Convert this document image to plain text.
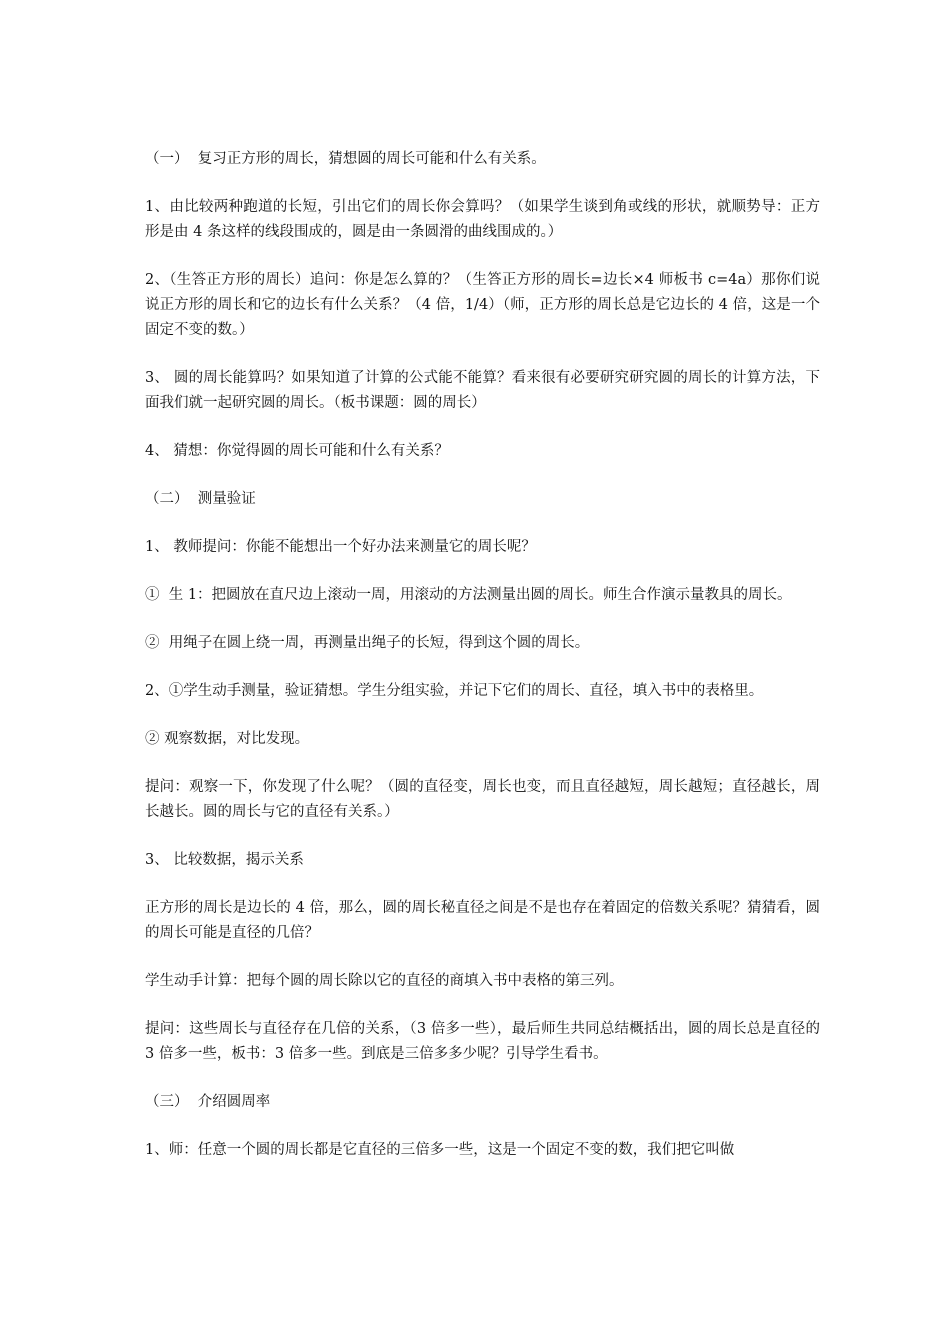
（一）  复习正方形的周长，猜想圆的周长可能和什么有关系。

1、由比较两种跑道的长短，引出它们的周长你会算吗？（如果学生谈到角或线的形状，就顺势导：正方形是由 4 条这样的线段围成的，圆是由一条圆滑的曲线围成的。）

2、（生答正方形的周长）追问：你是怎么算的？（生答正方形的周长=边长×4 师板书 c=4a）那你们说说正方形的周长和它的边长有什么关系？（4 倍，1/4）（师，正方形的周长总是它边长的 4 倍，这是一个固定不变的数。）

3、 圆的周长能算吗？如果知道了计算的公式能不能算？看来很有必要研究研究圆的周长的计算方法，下面我们就一起研究圆的周长。（板书课题：圆的周长）

4、 猜想：你觉得圆的周长可能和什么有关系？

（二）  测量验证

1、 教师提问：你能不能想出一个好办法来测量它的周长呢？

①  生 1：把圆放在直尺边上滚动一周，用滚动的方法测量出圆的周长。师生合作演示量教具的周长。

②  用绳子在圆上绕一周，再测量出绳子的长短，得到这个圆的周长。

2、①学生动手测量，验证猜想。学生分组实验，并记下它们的周长、直径，填入书中的表格里。

② 观察数据，对比发现。

提问：观察一下，你发现了什么呢？（圆的直径变，周长也变，而且直径越短，周长越短；直径越长，周长越长。圆的周长与它的直径有关系。）

3、 比较数据，揭示关系

正方形的周长是边长的 4 倍，那么，圆的周长秘直径之间是不是也存在着固定的倍数关系呢？猜猜看，圆的周长可能是直径的几倍？

学生动手计算：把每个圆的周长除以它的直径的商填入书中表格的第三列。

提问：这些周长与直径存在几倍的关系，（3 倍多一些），最后师生共同总结概括出，圆的周长总是直径的 3 倍多一些，板书：3 倍多一些。到底是三倍多多少呢？引导学生看书。

（三）  介绍圆周率

1、师：任意一个圆的周长都是它直径的三倍多一些，这是一个固定不变的数，我们把它叫做
